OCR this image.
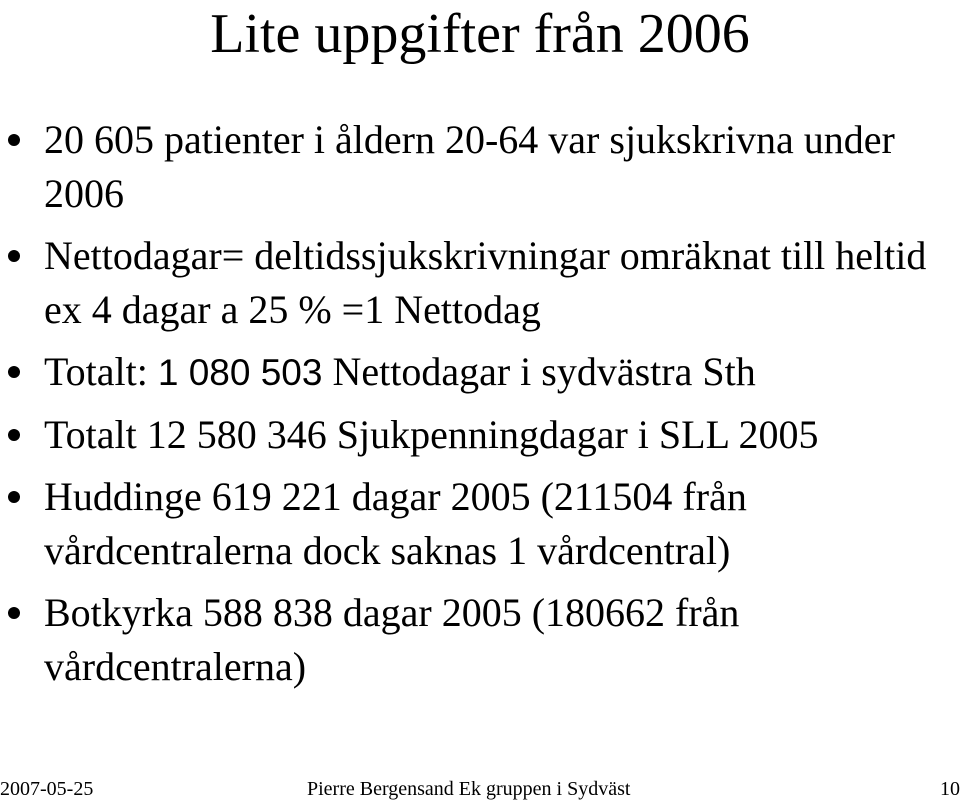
Lite uppgifter från 2006
20 605 patienter i åldern 20-64 var sjukskrivna under 2006
Nettodagar= deltidssjukskrivningar omräknat till heltid ex 4 dagar a 25 % =1 Nettodag
Totalt: 1 080 503 Nettodagar i sydvästra Sth
Totalt 12 580 346 Sjukpenningdagar i SLL 2005
Huddinge 619 221 dagar 2005 (211504 från vårdcentralerna dock saknas 1 vårdcentral)
Botkyrka 588 838 dagar 2005 (180662 från vårdcentralerna)
2007-05-25	Pierre Bergensand Ek gruppen i Sydväst	10
